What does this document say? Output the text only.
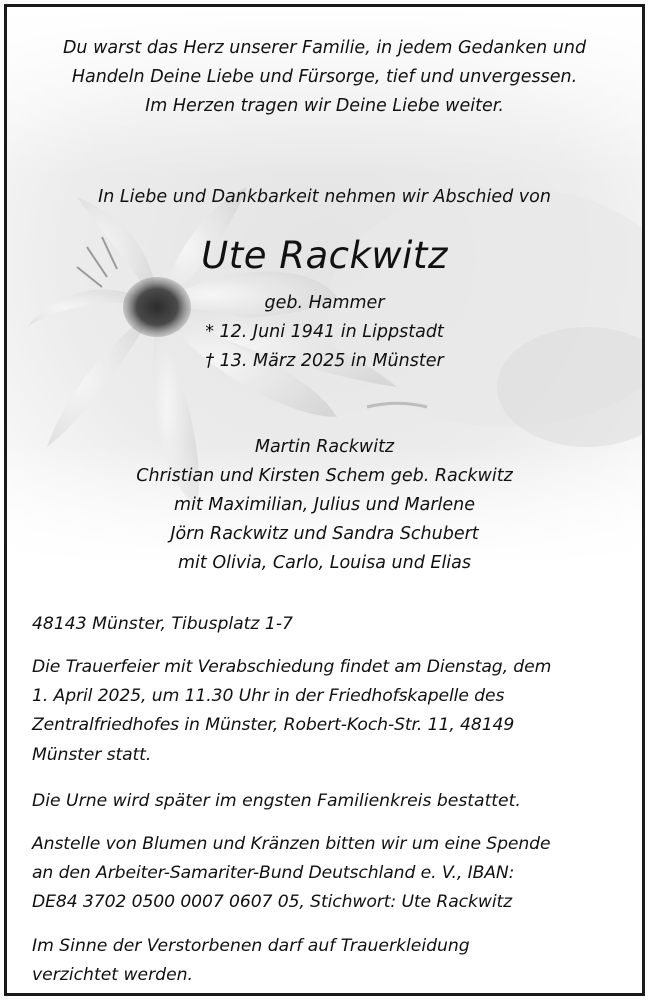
Du warst das Herz unserer Familie, in jedem Gedanken und
Handeln Deine Liebe und Fürsorge, tief und unvergessen.
Im Herzen tragen wir Deine Liebe weiter.
In Liebe und Dankbarkeit nehmen wir Abschied von
Ute Rackwitz
geb. Hammer
* 12. Juni 1941 in Lippstadt
† 13. März 2025 in Münster
Martin Rackwitz
Christian und Kirsten Schem geb. Rackwitz
mit Maximilian, Julius und Marlene
Jörn Rackwitz und Sandra Schubert
mit Olivia, Carlo, Louisa und Elias
48143 Münster, Tibusplatz 1-7
Die Trauerfeier mit Verabschiedung findet am Dienstag, dem
1. April 2025, um 11.30 Uhr in der Friedhofskapelle des
Zentralfriedhofes in Münster, Robert-Koch-Str. 11, 48149
Münster statt.
Die Urne wird später im engsten Familienkreis bestattet.
Anstelle von Blumen und Kränzen bitten wir um eine Spende
an den Arbeiter-Samariter-Bund Deutschland e. V., IBAN:
DE84 3702 0500 0007 0607 05, Stichwort: Ute Rackwitz
Im Sinne der Verstorbenen darf auf Trauerkleidung
verzichtet werden.
